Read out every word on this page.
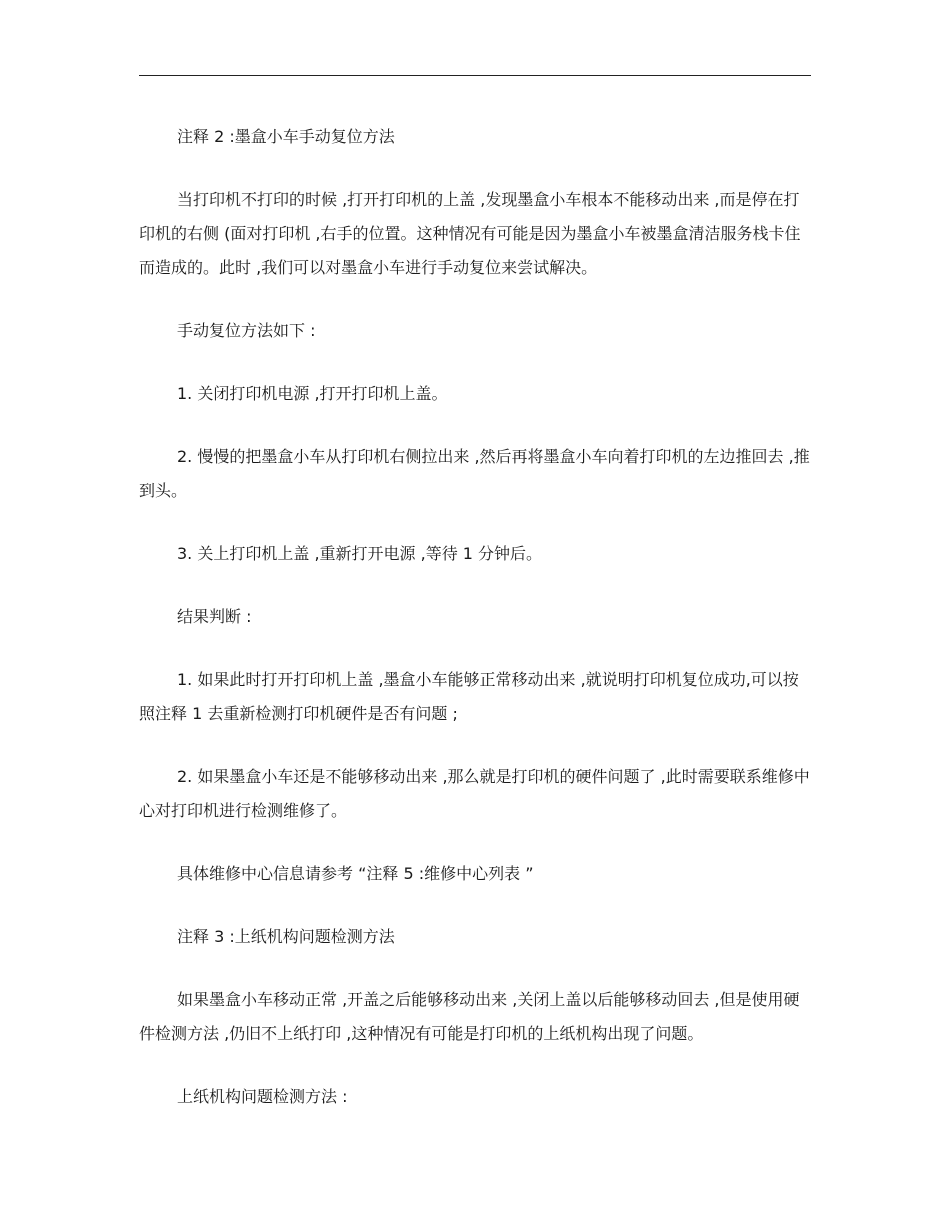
注释 2 :墨盒小车手动复位方法

当打印机不打印的时候 ,打开打印机的上盖 ,发现墨盒小车根本不能移动出来 ,而是停在打印机的右侧 (面对打印机 ,右手的位置。这种情况有可能是因为墨盒小车被墨盒清洁服务栈卡住而造成的。此时 ,我们可以对墨盒小车进行手动复位来尝试解决。

手动复位方法如下 :

1. 关闭打印机电源 ,打开打印机上盖。

2. 慢慢的把墨盒小车从打印机右侧拉出来 ,然后再将墨盒小车向着打印机的左边推回去 ,推到头。

3. 关上打印机上盖 ,重新打开电源 ,等待 1 分钟后。

结果判断 :

1. 如果此时打开打印机上盖 ,墨盒小车能够正常移动出来 ,就说明打印机复位成功,可以按照注释 1 去重新检测打印机硬件是否有问题 ;

2. 如果墨盒小车还是不能够移动出来 ,那么就是打印机的硬件问题了 ,此时需要联系维修中心对打印机进行检测维修了。

具体维修中心信息请参考 “注释 5 :维修中心列表 ”

注释 3 :上纸机构问题检测方法

如果墨盒小车移动正常 ,开盖之后能够移动出来 ,关闭上盖以后能够移动回去 ,但是使用硬件检测方法 ,仍旧不上纸打印 ,这种情况有可能是打印机的上纸机构出现了问题。

上纸机构问题检测方法 :
